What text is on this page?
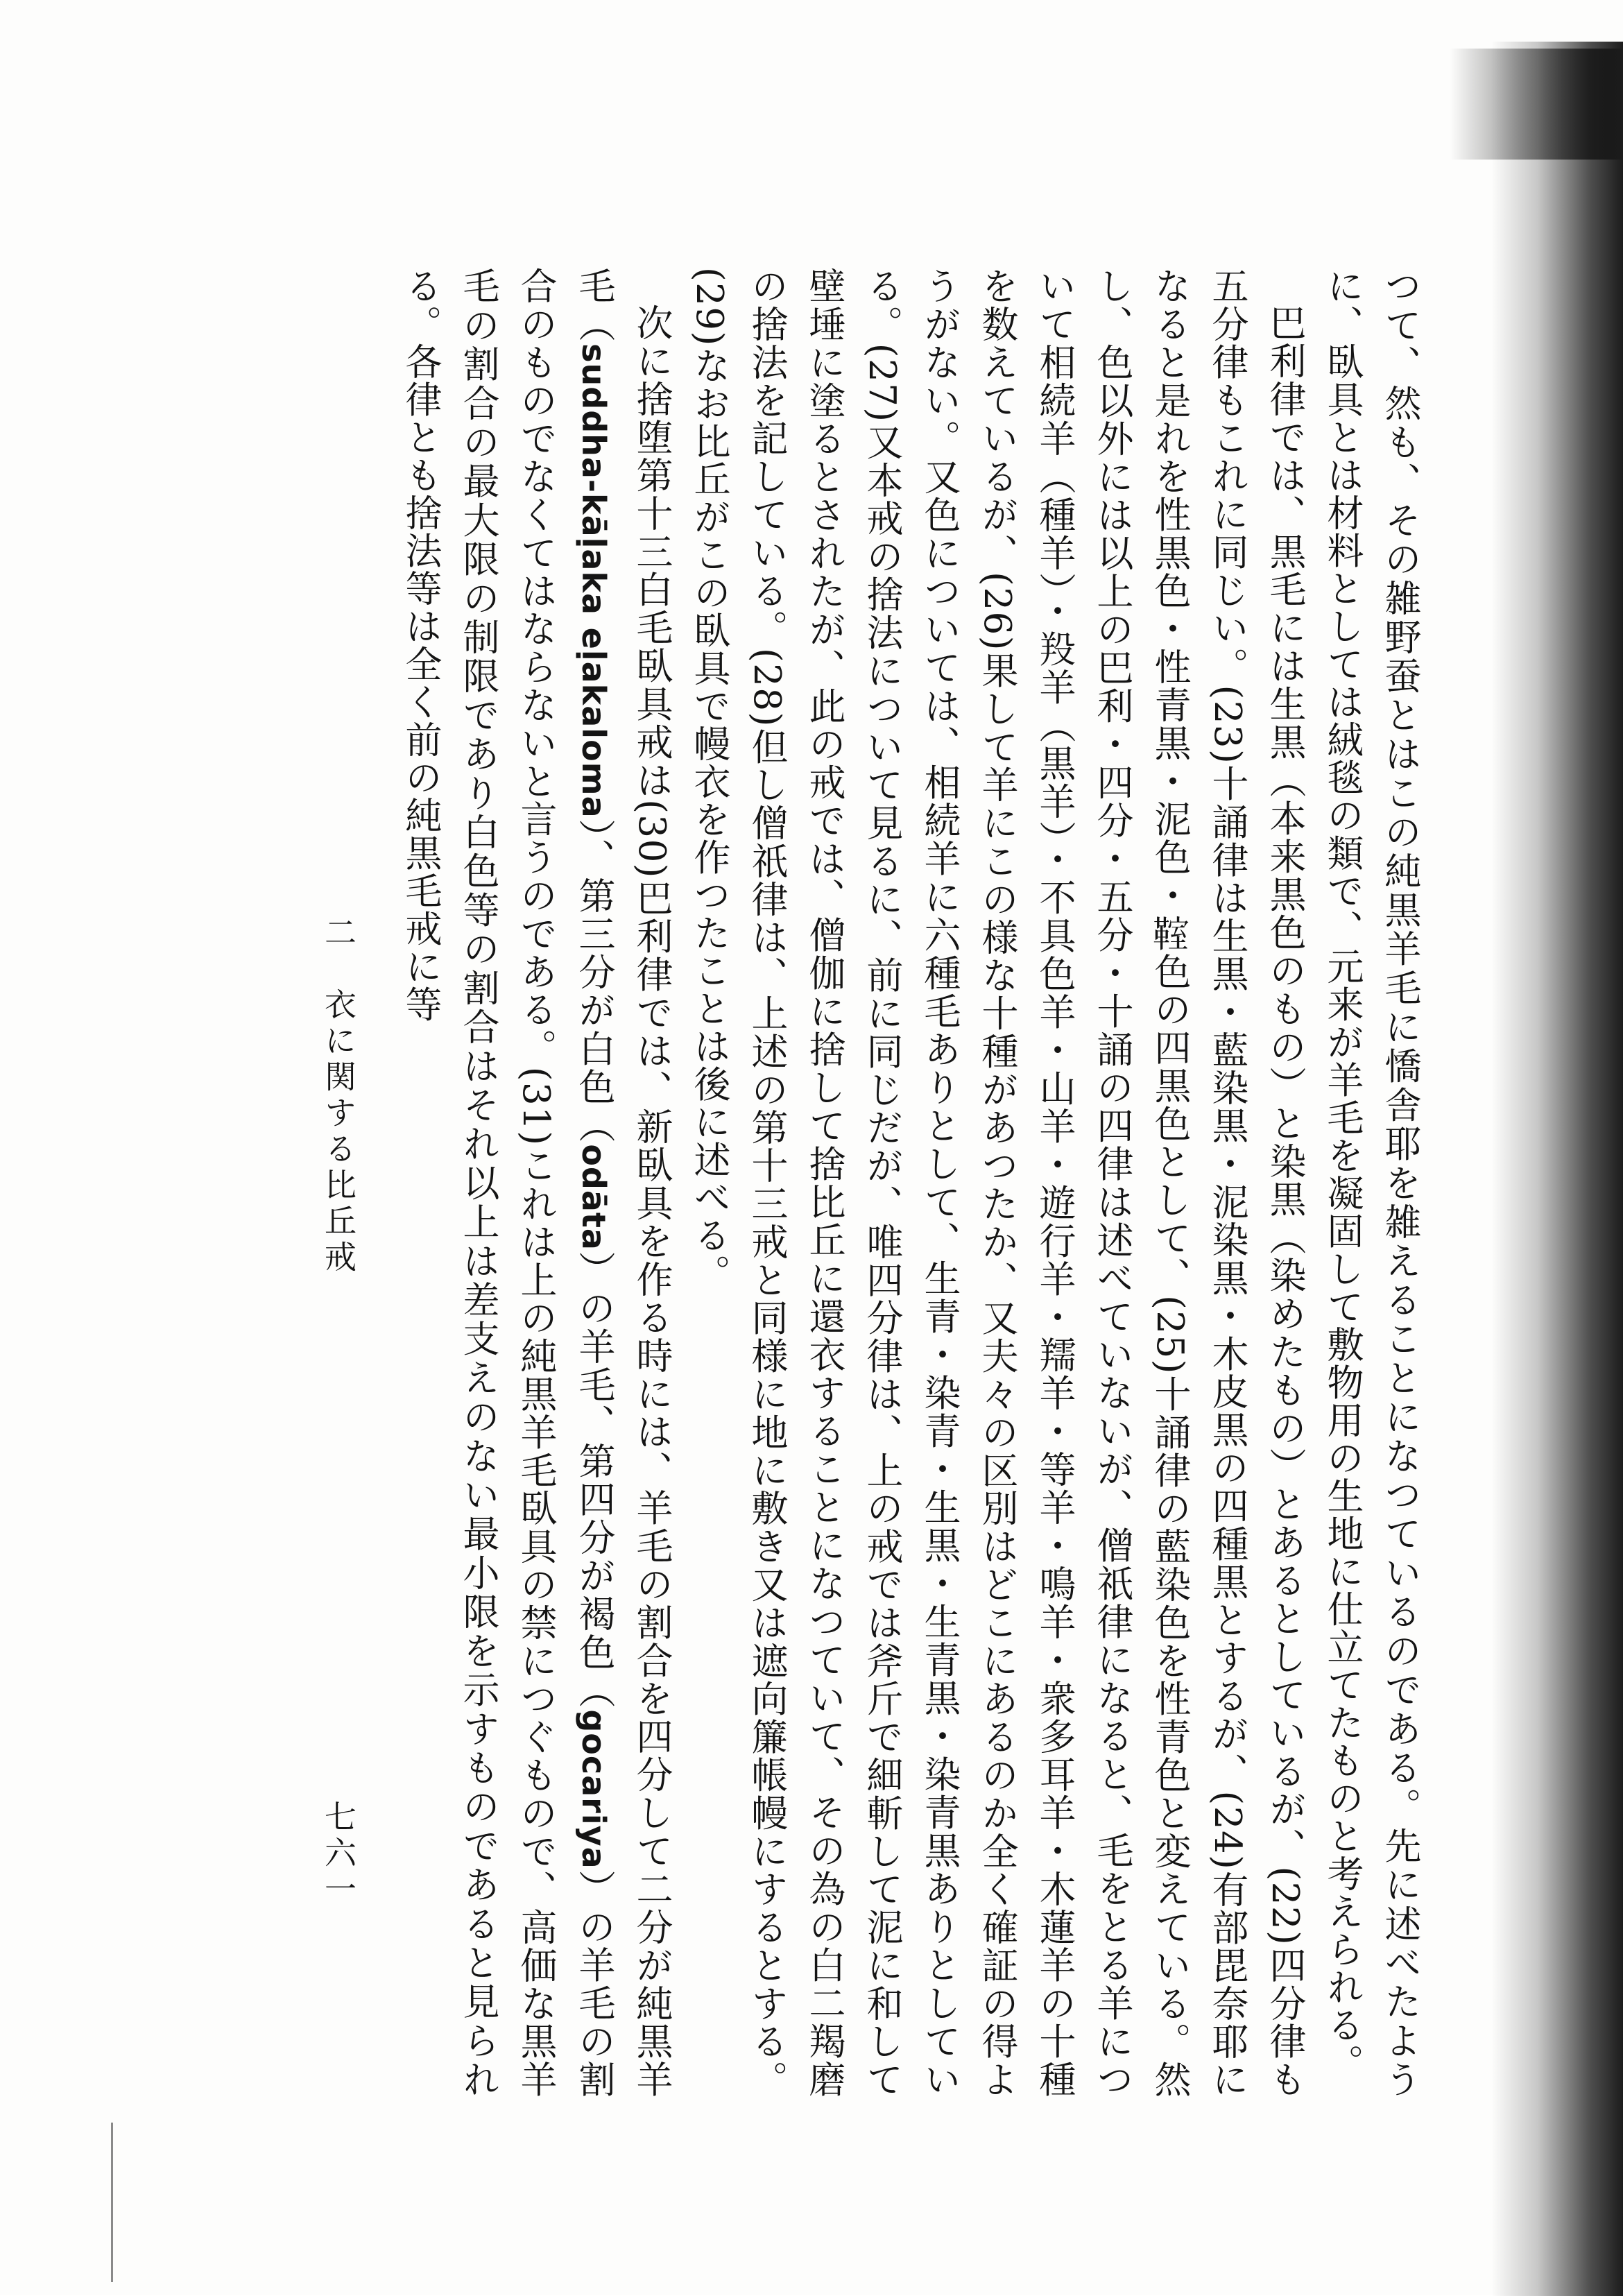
つて、然も、その雑野蚕とはこの純黒羊毛に憍舎耶を雑えることになつているのである。先に述べたように、臥具とは材料としては絨毯の類で、元来が羊毛を凝固して敷物用の生地に仕立てたものと考えられる。

巴利律では、黒毛には生黒（本来黒色のもの）と染黒（染めたもの）とあるとしているが、(22)四分律も五分律もこれに同じい。(23)十誦律は生黒・藍染黒・泥染黒・木皮黒の四種黒とするが、(24)有部毘奈耶になると是れを性黒色・性青黒・泥色・𩋡色の四黒色として、(25)十誦律の藍染色を性青色と変えている。然し、色以外には以上の巴利・四分・五分・十誦の四律は述べていないが、僧祇律になると、毛をとる羊について相続羊（種羊）・羖羊（黒羊）・不具色羊・山羊・遊行羊・羺羊・等羊・鳴羊・衆多耳羊・木蓮羊の十種を数えているが、(26)果して羊にこの様な十種があつたか、又夫々の区別はどこにあるのか全く確証の得ようがない。又色については、相続羊に六種毛ありとして、生青・染青・生黒・生青黒・染青黒ありとしている。(27)又本戒の捨法について見るに、前に同じだが、唯四分律は、上の戒では斧斤で細斬して泥に和して壁埵に塗るとされたが、此の戒では、僧伽に捨して捨比丘に還衣することになつていて、その為の白二羯磨の捨法を記している。(28)但し僧祇律は、上述の第十三戒と同様に地に敷き又は遮向簾帳幔にするとする。(29)なお比丘がこの臥具で幔衣を作つたことは後に述べる。

次に捨堕第十三白毛臥具戒は(30)巴利律では、新臥具を作る時には、羊毛の割合を四分して二分が純黒羊毛（suddha-kāḷaka eḷakaloma）、第三分が白色（odāta）の羊毛、第四分が褐色（gocariya）の羊毛の割合のものでなくてはならないと言うのである。(31)これは上の純黒羊毛臥具の禁につぐもので、高価な黒羊毛の割合の最大限の制限であり白色等の割合はそれ以上は差支えのない最小限を示すものであると見られる。各律とも捨法等は全く前の純黒毛戒に等

二　衣に関する比丘戒
七六一
